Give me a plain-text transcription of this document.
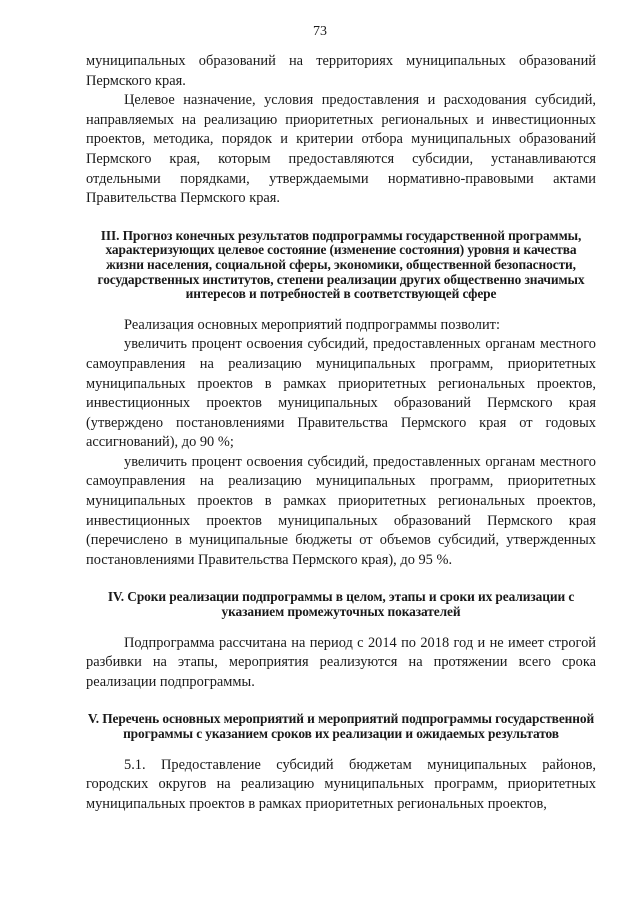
73

муниципальных образований на территориях муниципальных образований Пермского края.

Целевое назначение, условия предоставления и расходования субсидий, направляемых на реализацию приоритетных региональных и инвестиционных проектов, методика, порядок и критерии отбора муниципальных образований Пермского края, которым предоставляются субсидии, устанавливаются отдельными порядками, утверждаемыми нормативно-правовыми актами Правительства Пермского края.

III. Прогноз конечных результатов подпрограммы государственной программы, характеризующих целевое состояние (изменение состояния) уровня и качества жизни населения, социальной сферы, экономики, общественной безопасности, государственных институтов, степени реализации других общественно значимых интересов и потребностей в соответствующей сфере

Реализация основных мероприятий подпрограммы позволит:

увеличить процент освоения субсидий, предоставленных органам местного самоуправления на реализацию муниципальных программ, приоритетных муниципальных проектов в рамках приоритетных региональных проектов, инвестиционных проектов муниципальных образований Пермского края (утверждено постановлениями Правительства Пермского края от годовых ассигнований), до 90 %;

увеличить процент освоения субсидий, предоставленных органам местного самоуправления на реализацию муниципальных программ, приоритетных муниципальных проектов в рамках приоритетных региональных проектов, инвестиционных проектов муниципальных образований Пермского края (перечислено в муниципальные бюджеты от объемов субсидий, утвержденных постановлениями Правительства Пермского края), до 95 %.

IV. Сроки реализации подпрограммы в целом, этапы и сроки их реализации с указанием промежуточных показателей

Подпрограмма рассчитана на период с 2014 по 2018 год и не имеет строгой разбивки на этапы, мероприятия реализуются на протяжении всего срока реализации подпрограммы.

V. Перечень основных мероприятий и мероприятий подпрограммы государственной программы с указанием сроков их реализации и ожидаемых результатов

5.1. Предоставление субсидий бюджетам муниципальных районов, городских округов на реализацию муниципальных программ, приоритетных муниципальных проектов в рамках приоритетных региональных проектов,
